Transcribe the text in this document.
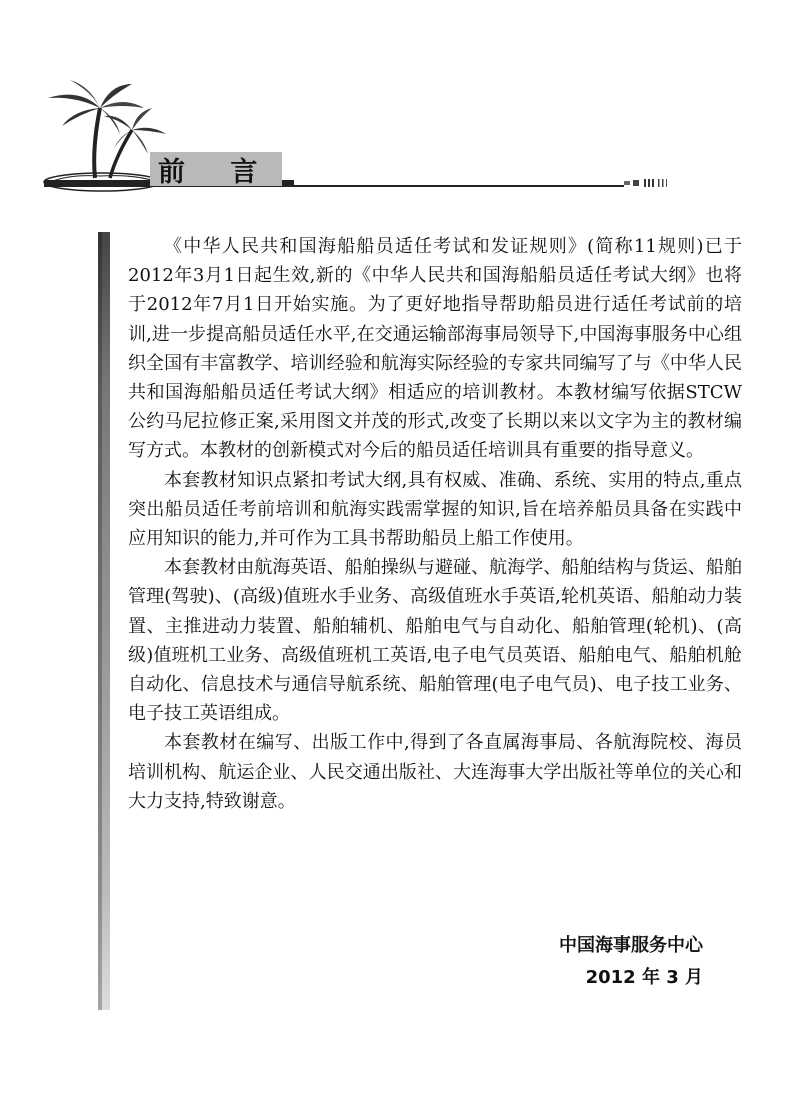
前 言

《中华人民共和国海船船员适任考试和发证规则》(简称11规则)已于2012年3月1日起生效,新的《中华人民共和国海船船员适任考试大纲》也将于2012年7月1日开始实施。为了更好地指导帮助船员进行适任考试前的培训,进一步提高船员适任水平,在交通运输部海事局领导下,中国海事服务中心组织全国有丰富教学、培训经验和航海实际经验的专家共同编写了与《中华人民共和国海船船员适任考试大纲》相适应的培训教材。本教材编写依据STCW公约马尼拉修正案,采用图文并茂的形式,改变了长期以来以文字为主的教材编写方式。本教材的创新模式对今后的船员适任培训具有重要的指导意义。

本套教材知识点紧扣考试大纲,具有权威、准确、系统、实用的特点,重点突出船员适任考前培训和航海实践需掌握的知识,旨在培养船员具备在实践中应用知识的能力,并可作为工具书帮助船员上船工作使用。

本套教材由航海英语、船舶操纵与避碰、航海学、船舶结构与货运、船舶管理(驾驶)、(高级)值班水手业务、高级值班水手英语,轮机英语、船舶动力装置、主推进动力装置、船舶辅机、船舶电气与自动化、船舶管理(轮机)、(高级)值班机工业务、高级值班机工英语,电子电气员英语、船舶电气、船舶机舱自动化、信息技术与通信导航系统、船舶管理(电子电气员)、电子技工业务、电子技工英语组成。

本套教材在编写、出版工作中,得到了各直属海事局、各航海院校、海员培训机构、航运企业、人民交通出版社、大连海事大学出版社等单位的关心和大力支持,特致谢意。

中国海事服务中心
2012 年 3 月
